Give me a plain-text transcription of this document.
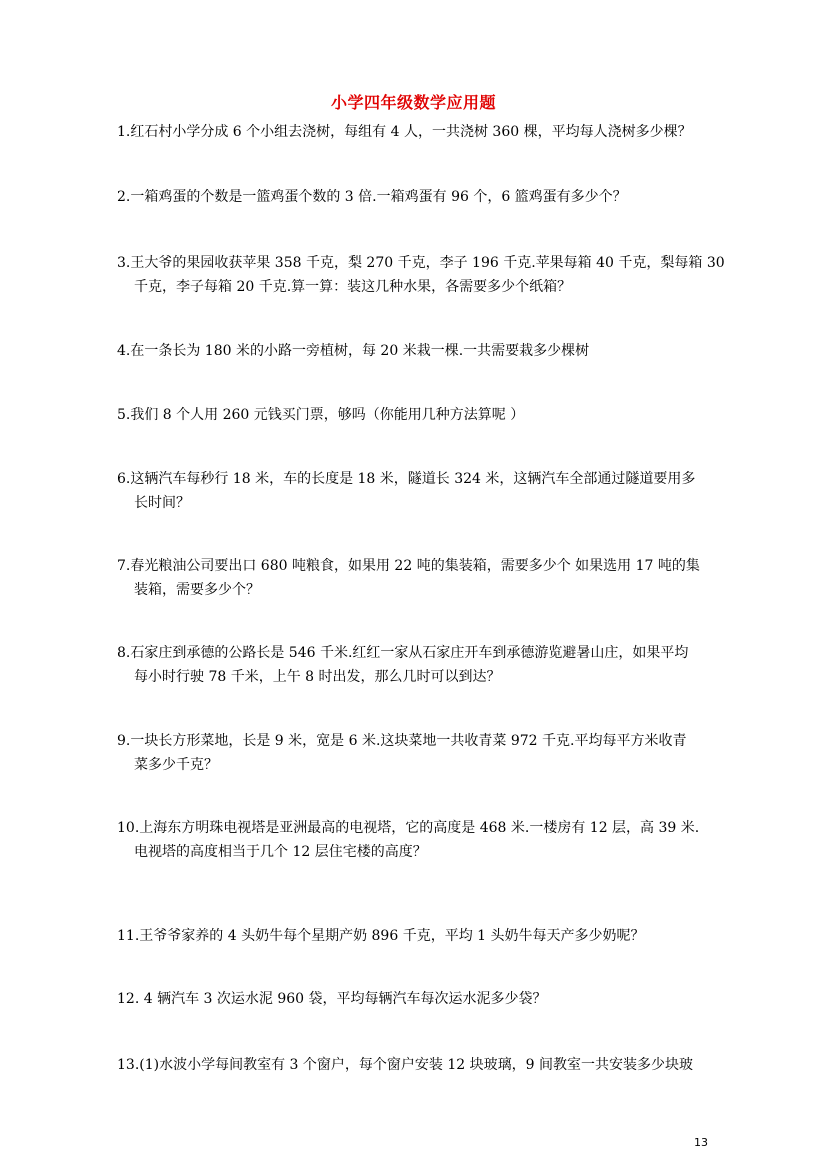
小学四年级数学应用题
1.红石村小学分成 6 个小组去浇树，每组有 4 人，一共浇树 360 棵，平均每人浇树多少棵？
2.一箱鸡蛋的个数是一篮鸡蛋个数的 3 倍.一箱鸡蛋有 96 个，6 篮鸡蛋有多少个？
3.王大爷的果园收获苹果 358 千克，梨 270 千克，李子 196 千克.苹果每箱 40 千克，梨每箱 30
千克，李子每箱 20 千克.算一算：装这几种水果，各需要多少个纸箱？
4.在一条长为 180 米的小路一旁植树，每 20 米栽一棵.一共需要栽多少棵树
5.我们 8 个人用 260 元钱买门票，够吗（你能用几种方法算呢 ）
6.这辆汽车每秒行 18 米，车的长度是 18 米，隧道长 324 米，这辆汽车全部通过隧道要用多
长时间？
7.春光粮油公司要出口 680 吨粮食，如果用 22 吨的集装箱，需要多少个 如果选用 17 吨的集
装箱，需要多少个？
8.石家庄到承德的公路长是 546 千米.红红一家从石家庄开车到承德游览避暑山庄，如果平均
每小时行驶 78 千米，上午 8 时出发，那么几时可以到达？
9.一块长方形菜地，长是 9 米，宽是 6 米.这块菜地一共收青菜 972 千克.平均每平方米收青
菜多少千克？
10.上海东方明珠电视塔是亚洲最高的电视塔，它的高度是 468 米.一楼房有 12 层，高 39 米.
电视塔的高度相当于几个 12 层住宅楼的高度？
11.王爷爷家养的 4 头奶牛每个星期产奶 896 千克，平均 1 头奶牛每天产多少奶呢？
12. 4 辆汽车 3 次运水泥 960 袋，平均每辆汽车每次运水泥多少袋？
13.(1)水波小学每间教室有 3 个窗户，每个窗户安装 12 块玻璃，9 间教室一共安装多少块玻
13
